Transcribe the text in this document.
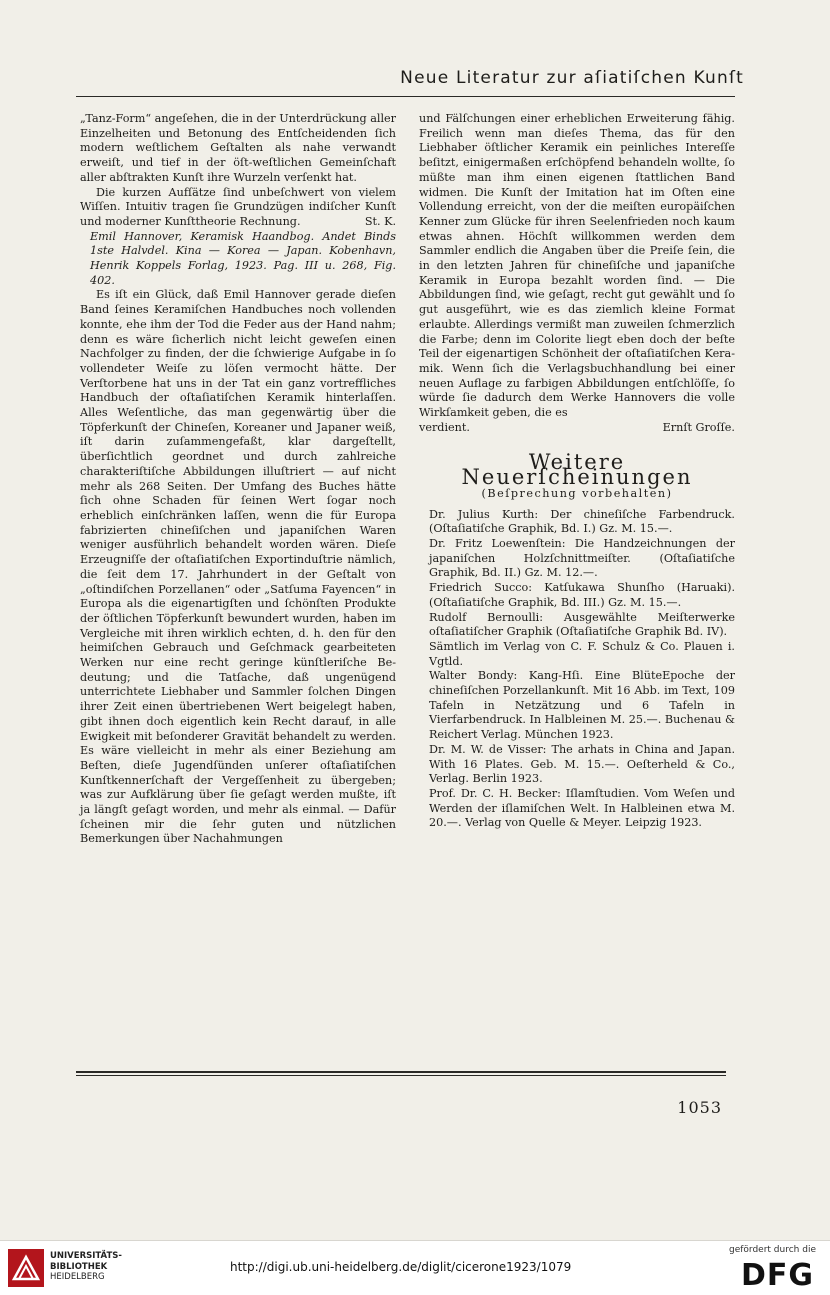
Neue Literatur zur aſiatiſchen Kunſt

„Tanz-Form“ angeſehen, die in der Unterdrückung aller Einzelheiten und Betonung des Entſcheidenden ſich modern weſtlichem Geſtalten als nahe verwandt erweiſt, und tief in der öſt-weſtlichen Gemeinſchaft aller abſtrakten Kunſt ihre Wurzeln verſenkt hat.

Die kurzen Aufſätze ſind unbeſchwert von vielem Wiſſen. Intuitiv tragen ſie Grundzügen indiſcher Kunſt und moderner Kunſttheorie Rechnung.	St. K.

Emil Hannover, Keramisk Haandbog. Andet Binds 1ste Halvdel. Kina — Korea — Japan. Kobenhavn, Henrik Koppels Forlag, 1923. Pag. III u. 268, Fig. 402.

Es iſt ein Glück, daß Emil Hannover gerade dieſen Band ſeines Keramiſchen Handbuches noch vollenden konnte, ehe ihm der Tod die Feder aus der Hand nahm; denn es wäre ſicherlich nicht leicht geweſen einen Nachfolger zu finden, der die ſchwierige Aufgabe in ſo vollendeter Weiſe zu löſen vermocht hätte. Der Verſtorbene hat uns in der Tat ein ganz vortreffliches Handbuch der oſtaſiatiſchen Keramik hinterlaſſen. Alles Weſentliche, das man gegenwärtig über die Töpferkunſt der Chineſen, Koreaner und Japaner weiß, iſt darin zuſammengefaßt, klar dargeſtellt, überſichtlich geordnet und durch zahlreiche charakteriſtiſche Abbildungen illuſtriert — auf nicht mehr als 268 Seiten. Der Umfang des Buches hätte ſich ohne Schaden für ſeinen Wert ſogar noch erheblich einſchränken laſſen, wenn die für Europa fabrizierten chineſiſchen und japaniſchen Waren weniger ausführlich behandelt worden wären. Dieſe Erzeugniſſe der oſtaſiatiſchen Exportinduſtrie nämlich, die ſeit dem 17. Jahrhundert in der Geſtalt von „oſtindiſchen Porzellanen“ oder „Satſuma Fayencen“ in Europa als die eigenartigſten und ſchönſten Produkte der öſtlichen Töpferkunſt bewundert wurden, haben im Vergleiche mit ihren wirklich echten, d. h. den für den heimiſchen Gebrauch und Geſchmack gearbeiteten Werken nur eine recht geringe künſtleriſche Bedeutung; und die Tatſache, daß ungenügend unterrichtete Liebhaber und Sammler ſolchen Dingen ihrer Zeit einen übertriebenen Wert beigelegt haben, gibt ihnen doch eigentlich kein Recht darauf, in alle Ewigkeit mit beſonderer Gravität behandelt zu werden. Es wäre vielleicht in mehr als einer Beziehung am Beſten, dieſe Jugendſünden unſerer oſtaſiatiſchen Kunſtkennerſchaft der Vergeſſenheit zu übergeben; was zur Aufklärung über ſie geſagt werden mußte, iſt ja längſt geſagt worden, und mehr als einmal. — Dafür ſcheinen mir die ſehr guten und nützlichen Bemerkungen über Nachahmungen

und Fälſchungen einer erheblichen Erweiterung fähig. Freilich wenn man dieſes Thema, das für den Liebhaber öſtlicher Keramik ein peinliches Intereſſe beſitzt, einigermaßen erſchöpfend behandeln wollte, ſo müßte man ihm einen eigenen ſtattlichen Band widmen. Die Kunſt der Imitation hat im Oſten eine Vollendung erreicht, von der die meiſten europäiſchen Kenner zum Glücke für ihren Seelenfrieden noch kaum etwas ahnen. Höchſt willkommen werden dem Sammler endlich die Angaben über die Preiſe ſein, die in den letzten Jahren für chineſiſche und japaniſche Keramik in Europa bezahlt worden ſind. — Die Abbildungen ſind, wie geſagt, recht gut gewählt und ſo gut ausgeführt, wie es das ziemlich kleine Format erlaubte. Allerdings vermißt man zuweilen ſchmerzlich die Farbe; denn im Colorite liegt eben doch der beſte Teil der eigenartigen Schönheit der oſtaſiatiſchen Keramik. Wenn ſich die Verlagsbuchhandlung bei einer neuen Auflage zu farbigen Abbildungen entſchlöſſe, ſo würde ſie dadurch dem Werke Hannovers die volle Wirkſamkeit geben, die es

verdient.	Ernſt Groſſe.
Weitere Neuerſcheinungen
(Beſprechung vorbehalten)

Dr. Julius Kurth: Der chineſiſche Farbendruck. (Oſtaſiatiſche Graphik, Bd. I.) Gz. M. 15.—.

Dr. Fritz Loewenſtein: Die Handzeichnungen der japaniſchen Holzſchnittmeiſter. (Oſtaſiatiſche Graphik, Bd. II.) Gz. M. 12.—.

Friedrich Succo: Katſukawa Shunſho (Haruaki). (Oſtaſiatiſche Graphik, Bd. III.) Gz. M. 15.—.

Rudolf Bernoulli: Ausgewählte Meiſterwerke oſtaſiatiſcher Graphik (Oſtaſiatiſche Graphik Bd. IV).

Sämtlich im Verlag von C. F. Schulz & Co. Plauen i. Vgtld.

Walter Bondy: Kang-Hſi. Eine BlüteEpoche der chineſiſchen Porzellankunſt. Mit 16 Abb. im Text, 109 Tafeln in Netzätzung und 6 Tafeln in Vierfarbendruck. In Halbleinen M. 25.—. Buchenau & Reichert Verlag. München 1923.

Dr. M. W. de Visser: The arhats in China and Japan. With 16 Plates. Geb. M. 15.—. Oeſterheld & Co., Verlag. Berlin 1923.

Prof. Dr. C. H. Becker: Iſlamſtudien. Vom Weſen und Werden der iſlamiſchen Welt. In Halbleinen etwa M. 20.—. Verlag von Quelle & Meyer. Leipzig 1923.

1053
UNIVERSITÄTS-
BIBLIOTHEK
HEIDELBERG
http://digi.ub.uni-heidelberg.de/diglit/cicerone1923/1079
gefördert durch die
DFG
